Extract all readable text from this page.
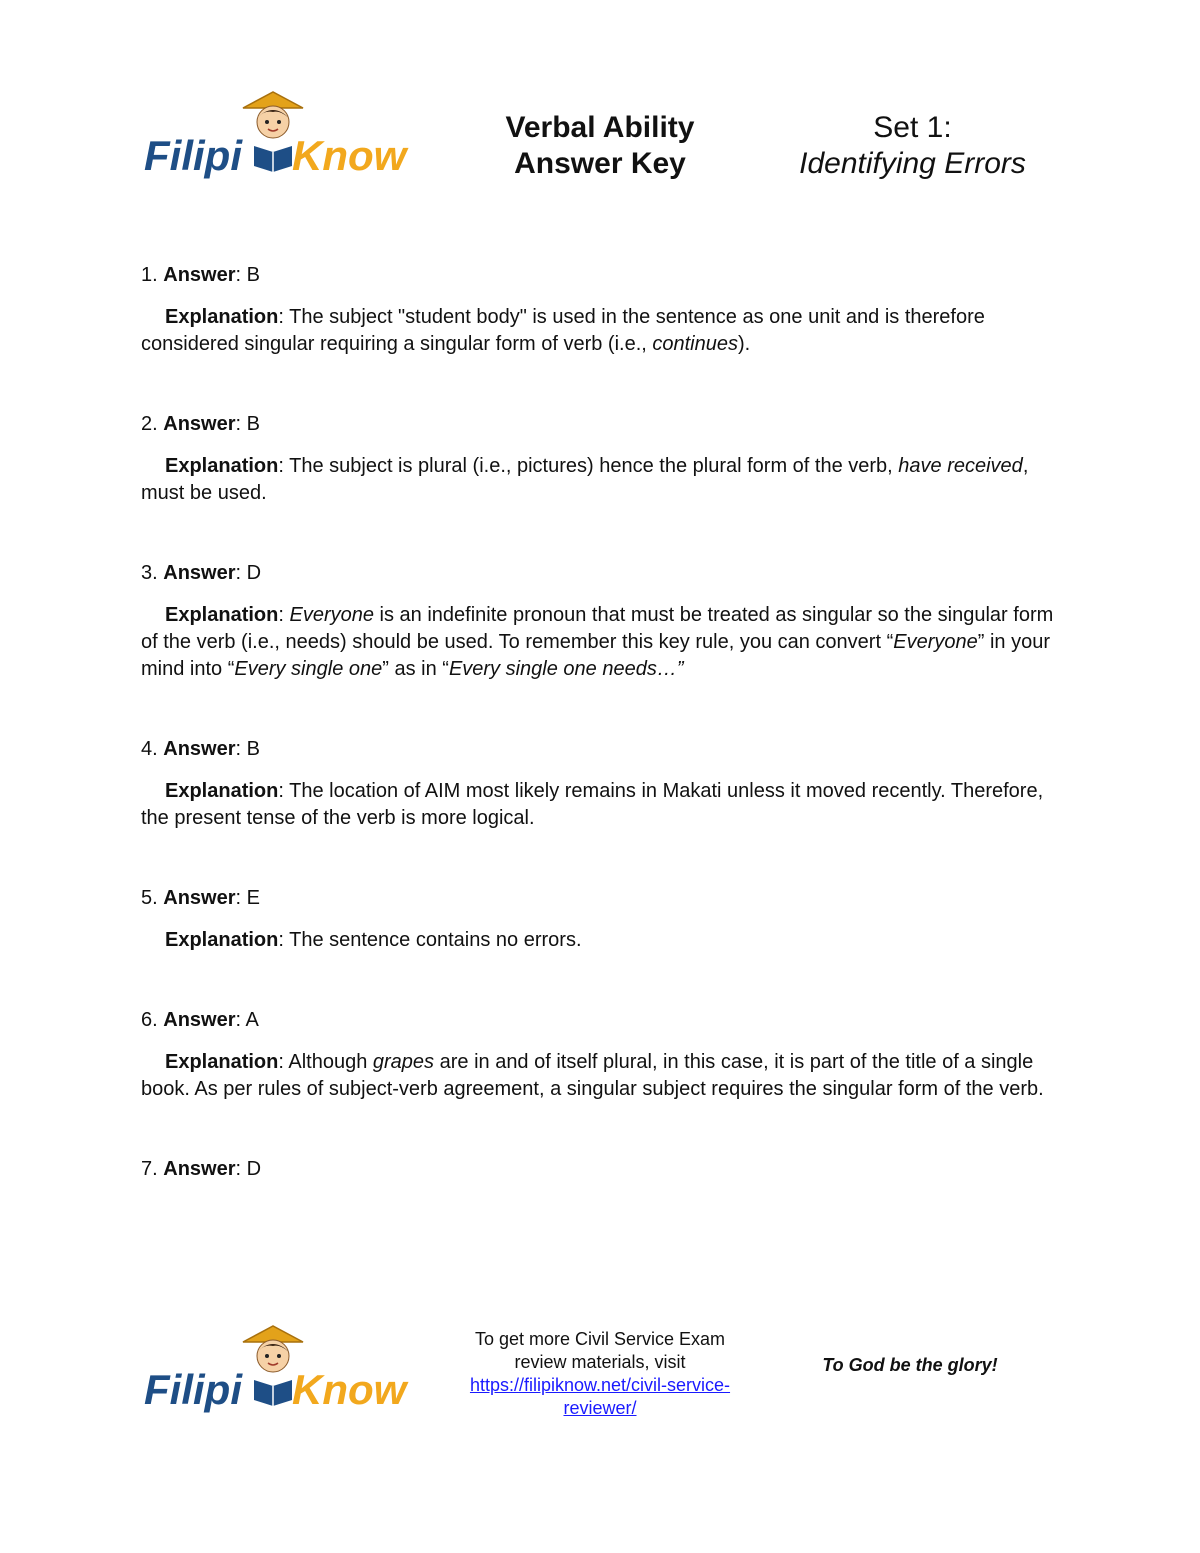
Filipi Know
Verbal Ability
Answer Key
Set 1:
Identifying Errors

1. Answer: B

Explanation: The subject "student body" is used in the sentence as one unit and is therefore considered singular requiring a singular form of verb (i.e., continues).

2. Answer: B

Explanation: The subject is plural (i.e., pictures) hence the plural form of the verb, have received, must be used.

3. Answer: D

Explanation: Everyone is an indefinite pronoun that must be treated as singular so the singular form of the verb (i.e., needs) should be used. To remember this key rule, you can convert “Everyone” in your mind into “Every single one” as in “Every single one needs…”

4. Answer: B

Explanation: The location of AIM most likely remains in Makati unless it moved recently. Therefore, the present tense of the verb is more logical.

5. Answer: E

Explanation: The sentence contains no errors.

6. Answer: A

Explanation: Although grapes are in and of itself plural, in this case, it is part of the title of a single book. As per rules of subject-verb agreement, a singular subject requires the singular form of the verb.

7. Answer: D

Filipi Know
To get more Civil Service Exam
review materials, visit
https://filipiknow.net/civil-service-
reviewer/
To God be the glory!
